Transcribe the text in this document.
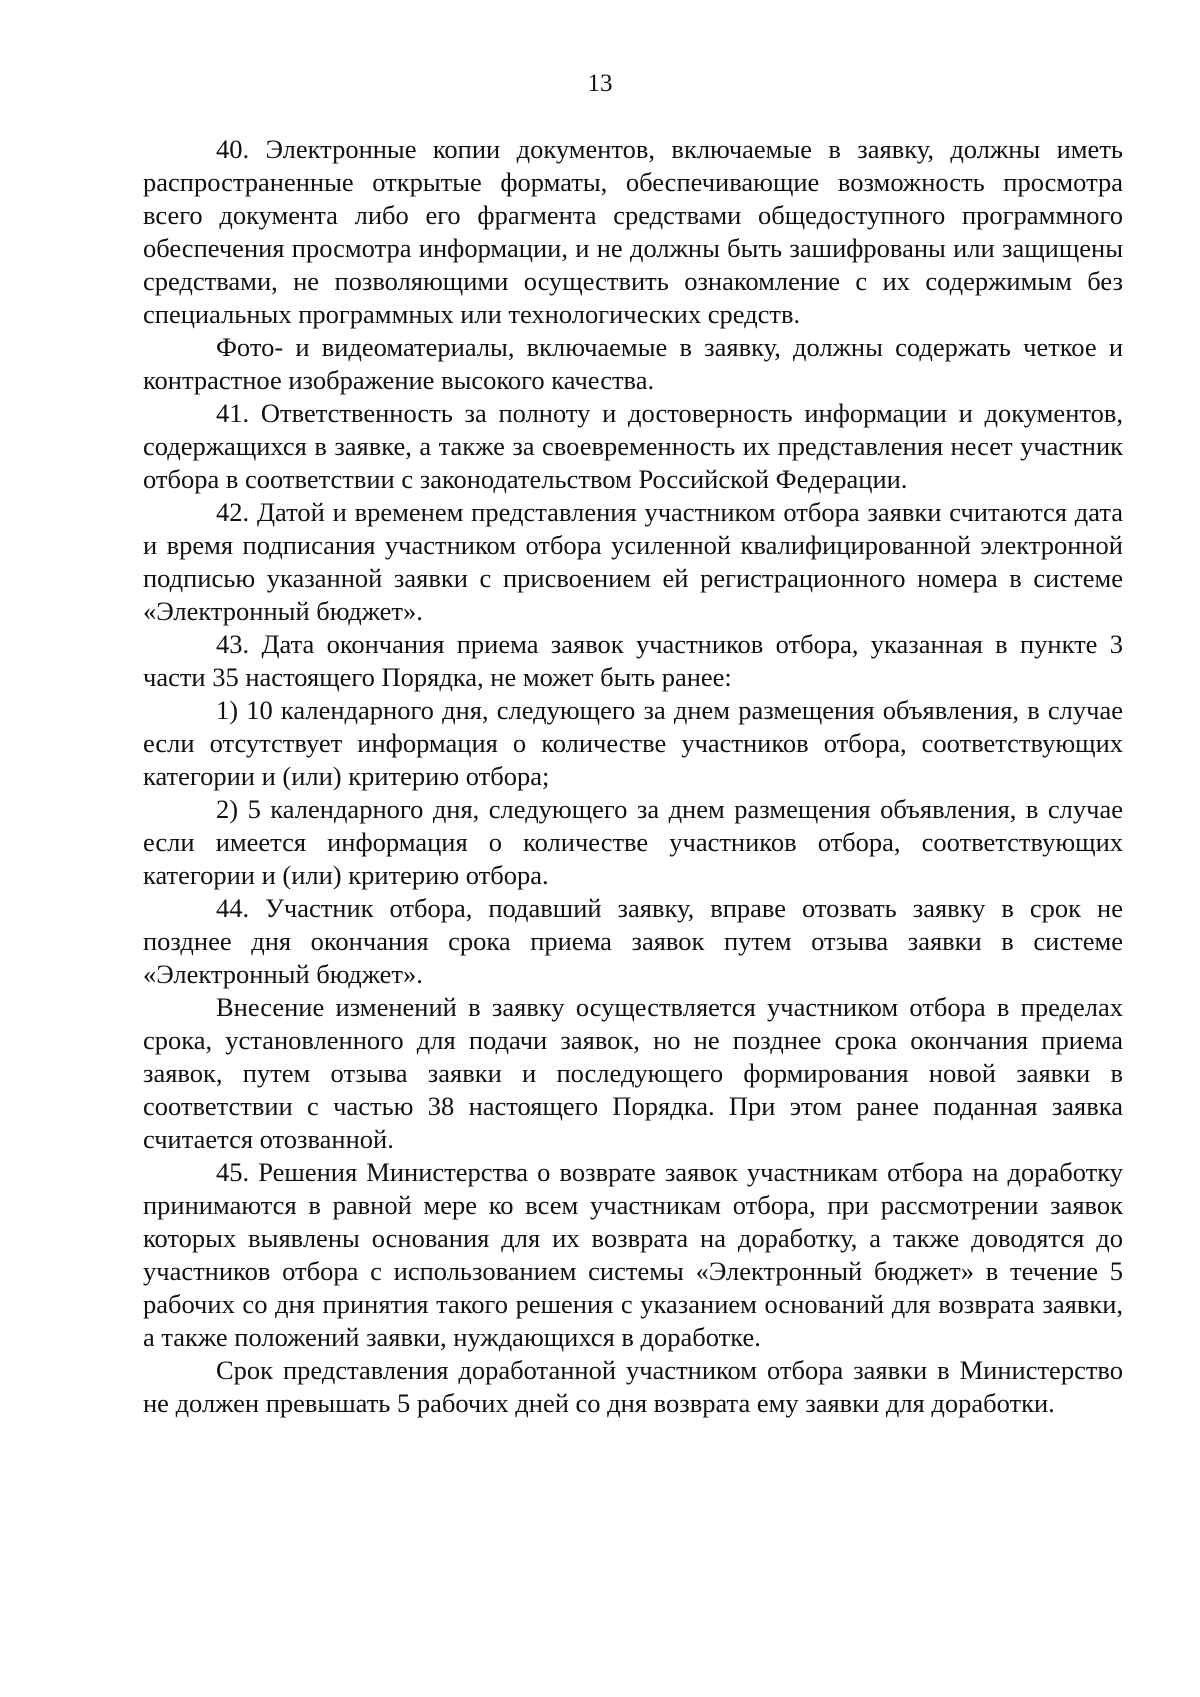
13

40. Электронные копии документов, включаемые в заявку, должны иметь распространенные открытые форматы, обеспечивающие возможность просмотра всего документа либо его фрагмента средствами общедоступного программного обеспечения просмотра информации, и не должны быть зашифрованы или защищены средствами, не позволяющими осуществить ознакомление с их содержимым без специальных программных или технологических средств.

Фото- и видеоматериалы, включаемые в заявку, должны содержать четкое и контрастное изображение высокого качества.

41. Ответственность за полноту и достоверность информации и документов, содержащихся в заявке, а также за своевременность их представления несет участник отбора в соответствии с законодательством Российской Федерации.

42. Датой и временем представления участником отбора заявки считаются дата и время подписания участником отбора усиленной квалифицированной электронной подписью указанной заявки с присвоением ей регистрационного номера в системе «Электронный бюджет».

43. Дата окончания приема заявок участников отбора, указанная в пункте 3 части 35 настоящего Порядка, не может быть ранее:

1) 10 календарного дня, следующего за днем размещения объявления, в случае если отсутствует информация о количестве участников отбора, соответствующих категории и (или) критерию отбора;

2) 5 календарного дня, следующего за днем размещения объявления, в случае если имеется информация о количестве участников отбора, соответствующих категории и (или) критерию отбора.

44. Участник отбора, подавший заявку, вправе отозвать заявку в срок не позднее дня окончания срока приема заявок путем отзыва заявки в системе «Электронный бюджет».

Внесение изменений в заявку осуществляется участником отбора в пределах срока, установленного для подачи заявок, но не позднее срока окончания приема заявок, путем отзыва заявки и последующего формирования новой заявки в соответствии с частью 38 настоящего Порядка. При этом ранее поданная заявка считается отозванной.

45. Решения Министерства о возврате заявок участникам отбора на доработку принимаются в равной мере ко всем участникам отбора, при рассмотрении заявок которых выявлены основания для их возврата на доработку, а также доводятся до участников отбора с использованием системы «Электронный бюджет» в течение 5 рабочих со дня принятия такого решения с указанием оснований для возврата заявки, а также положений заявки, нуждающихся в доработке.

Срок представления доработанной участником отбора заявки в Министерство не должен превышать 5 рабочих дней со дня возврата ему заявки для доработки.
